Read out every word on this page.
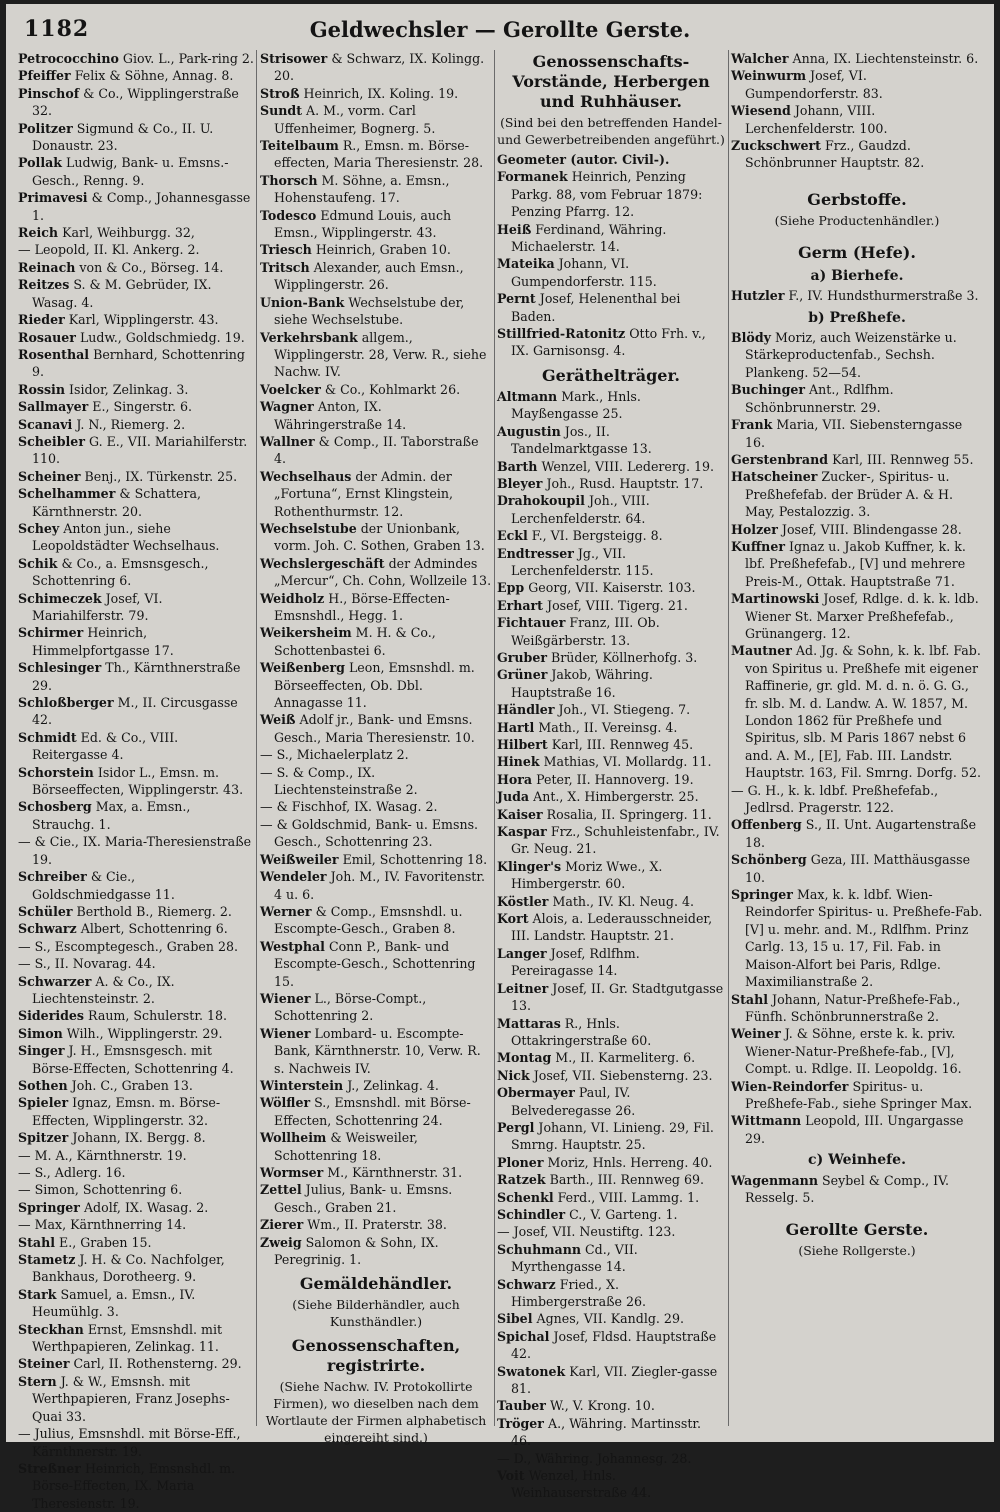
1182	Geldwechsler — Gerollte Gerste.

Petrococchino Giov. L., Park-ring 2.

Pfeiffer Felix & Söhne, Annag. 8.

Pinschof & Co., Wipplingerstraße 32.

Politzer Sigmund & Co., II. U. Donaustr. 23.

Pollak Ludwig, Bank- u. Emsns.-Gesch., Renng. 9.

Primavesi & Comp., Johannesgasse 1.

Reich Karl, Weihburgg. 32,

— Leopold, II. Kl. Ankerg. 2.

Reinach von & Co., Börseg. 14.

Reitzes S. & M. Gebrüder, IX. Wasag. 4.

Rieder Karl, Wipplingerstr. 43.

Rosauer Ludw., Goldschmiedg. 19.

Rosenthal Bernhard, Schottenring 9.

Rossin Isidor, Zelinkag. 3.

Sallmayer E., Singerstr. 6.

Scanavi J. N., Riemerg. 2.

Scheibler G. E., VII. Mariahilferstr. 110.

Scheiner Benj., IX. Türkenstr. 25.

Schelhammer & Schattera, Kärnthnerstr. 20.

Schey Anton jun., siehe Leopoldstädter Wechselhaus.

Schik & Co., a. Emsnsgesch., Schottenring 6.

Schimeczek Josef, VI. Mariahilferstr. 79.

Schirmer Heinrich, Himmelpfortgasse 17.

Schlesinger Th., Kärnthnerstraße 29.

Schloßberger M., II. Circusgasse 42.

Schmidt Ed. & Co., VIII. Reitergasse 4.

Schorstein Isidor L., Emsn. m. Börseeffecten, Wipplingerstr. 43.

Schosberg Max, a. Emsn., Strauchg. 1.

— & Cie., IX. Maria-Theresienstraße 19.

Schreiber & Cie., Goldschmiedgasse 11.

Schüler Berthold B., Riemerg. 2.

Schwarz Albert, Schottenring 6.

— S., Escomptegesch., Graben 28.

— S., II. Novarag. 44.

Schwarzer A. & Co., IX. Liechtensteinstr. 2.

Siderides Raum, Schulerstr. 18.

Simon Wilh., Wipplingerstr. 29.

Singer J. H., Emsnsgesch. mit Börse-Effecten, Schottenring 4.

Sothen Joh. C., Graben 13.

Spieler Ignaz, Emsn. m. Börse-Effecten, Wipplingerstr. 32.

Spitzer Johann, IX. Bergg. 8.

— M. A., Kärnthnerstr. 19.

— S., Adlerg. 16.

— Simon, Schottenring 6.

Springer Adolf, IX. Wasag. 2.

— Max, Kärnthnerring 14.

Stahl E., Graben 15.

Stametz J. H. & Co. Nachfolger, Bankhaus, Dorotheerg. 9.

Stark Samuel, a. Emsn., IV. Heumühlg. 3.

Steckhan Ernst, Emsnshdl. mit Werthpapieren, Zelinkag. 11.

Steiner Carl, II. Rothensterng. 29.

Stern J. & W., Emsnsh. mit Werthpapieren, Franz Josephs-Quai 33.

— Julius, Emsnshdl. mit Börse-Eff., Kärnthnerstr. 19.

Streßner Heinrich, Emsnshdl. m. Börse-Effecten, IX. Maria Theresienstr. 19.

Strisower & Schwarz, IX. Kolingg. 20.

Stroß Heinrich, IX. Koling. 19.

Sundt A. M., vorm. Carl Uffenheimer, Bognerg. 5.

Teitelbaum R., Emsn. m. Börse-effecten, Maria Theresienstr. 28.

Thorsch M. Söhne, a. Emsn., Hohenstaufeng. 17.

Todesco Edmund Louis, auch Emsn., Wipplingerstr. 43.

Triesch Heinrich, Graben 10.

Tritsch Alexander, auch Emsn., Wipplingerstr. 26.

Union-Bank Wechselstube der, siehe Wechselstube.

Verkehrsbank allgem., Wipplingerstr. 28, Verw. R., siehe Nachw. IV.

Voelcker & Co., Kohlmarkt 26.

Wagner Anton, IX. Währingerstraße 14.

Wallner & Comp., II. Taborstraße 4.

Wechselhaus der Admin. der „Fortuna“, Ernst Klingstein, Rothenthurmstr. 12.

Wechselstube der Unionbank, vorm. Joh. C. Sothen, Graben 13.

Wechslergeschäft der Admindes „Mercur“, Ch. Cohn, Wollzeile 13.

Weidholz H., Börse-Effecten-Emsnshdl., Hegg. 1.

Weikersheim M. H. & Co., Schottenbastei 6.

Weißenberg Leon, Emsnshdl. m. Börseeffecten, Ob. Dbl. Annagasse 11.

Weiß Adolf jr., Bank- und Emsns. Gesch., Maria Theresienstr. 10.

— S., Michaelerplatz 2.

— S. & Comp., IX. Liechtensteinstraße 2.

— & Fischhof, IX. Wasag. 2.

— & Goldschmid, Bank- u. Emsns. Gesch., Schottenring 23.

Weißweiler Emil, Schottenring 18.

Wendeler Joh. M., IV. Favoritenstr. 4 u. 6.

Werner & Comp., Emsnshdl. u. Escompte-Gesch., Graben 8.

Westphal Conn P., Bank- und Escompte-Gesch., Schottenring 15.

Wiener L., Börse-Compt., Schottenring 2.

Wiener Lombard- u. Escompte-Bank, Kärnthnerstr. 10, Verw. R. s. Nachweis IV.

Winterstein J., Zelinkag. 4.

Wölfler S., Emsnshdl. mit Börse-Effecten, Schottenring 24.

Wollheim & Weisweiler, Schottenring 18.

Wormser M., Kärnthnerstr. 31.

Zettel Julius, Bank- u. Emsns. Gesch., Graben 21.

Zierer Wm., II. Praterstr. 38.

Zweig Salomon & Sohn, IX. Peregrinig. 1.

Gemäldehändler.
(Siehe Bilderhändler, auch Kunsthändler.)
Genossenschaften, registrirte.
(Siehe Nachw. IV. Protokollirte Firmen), wo dieselben nach dem Wortlaute der Firmen alphabetisch eingereiht sind.)
Genossenschafts-Vorstände, Herbergen und Ruhhäuser.
(Sind bei den betreffenden Handel- und Gewerbetreibenden angeführt.)

Geometer (autor. Civil-).

Formanek Heinrich, Penzing Parkg. 88, vom Februar 1879: Penzing Pfarrg. 12.

Heiß Ferdinand, Währing. Michaelerstr. 14.

Mateika Johann, VI. Gumpendorferstr. 115.

Pernt Josef, Helenenthal bei Baden.

Stillfried-Ratonitz Otto Frh. v., IX. Garnisonsg. 4.

Geräthelträger.

Altmann Mark., Hnls. Mayßengasse 25.

Augustin Jos., II. Tandelmarktgasse 13.

Barth Wenzel, VIII. Ledererg. 19.

Bleyer Joh., Rusd. Hauptstr. 17.

Drahokoupil Joh., VIII. Lerchenfelderstr. 64.

Eckl F., VI. Bergsteigg. 8.

Endtresser Jg., VII. Lerchenfelderstr. 115.

Epp Georg, VII. Kaiserstr. 103.

Erhart Josef, VIII. Tigerg. 21.

Fichtauer Franz, III. Ob. Weißgärberstr. 13.

Gruber Brüder, Köllnerhofg. 3.

Grüner Jakob, Währing. Hauptstraße 16.

Händler Joh., VI. Stiegeng. 7.

Hartl Math., II. Vereinsg. 4.

Hilbert Karl, III. Rennweg 45.

Hinek Mathias, VI. Mollardg. 11.

Hora Peter, II. Hannoverg. 19.

Juda Ant., X. Himbergerstr. 25.

Kaiser Rosalia, II. Springerg. 11.

Kaspar Frz., Schuhleistenfabr., IV. Gr. Neug. 21.

Klinger's Moriz Wwe., X. Himbergerstr. 60.

Köstler Math., IV. Kl. Neug. 4.

Kort Alois, a. Lederausschneider, III. Landstr. Hauptstr. 21.

Langer Josef, Rdlfhm. Pereiragasse 14.

Leitner Josef, II. Gr. Stadtgutgasse 13.

Mattaras R., Hnls. Ottakringerstraße 60.

Montag M., II. Karmeliterg. 6.

Nick Josef, VII. Siebensterng. 23.

Obermayer Paul, IV. Belvederegasse 26.

Pergl Johann, VI. Linieng. 29, Fil. Smrng. Hauptstr. 25.

Ploner Moriz, Hnls. Herreng. 40.

Ratzek Barth., III. Rennweg 69.

Schenkl Ferd., VIII. Lammg. 1.

Schindler C., V. Garteng. 1.

— Josef, VII. Neustiftg. 123.

Schuhmann Cd., VII. Myrthengasse 14.

Schwarz Fried., X. Himbergerstraße 26.

Sibel Agnes, VII. Kandlg. 29.

Spichal Josef, Fldsd. Hauptstraße 42.

Swatonek Karl, VII. Ziegler-gasse 81.

Tauber W., V. Krong. 10.

Tröger A., Währing. Martinsstr. 46.

— D., Währing. Johannesg. 28.

Voit Wenzel, Hnls. Weinhauserstraße 44.

Walcher Anna, IX. Liechtensteinstr. 6.

Weinwurm Josef, VI. Gumpendorferstr. 83.

Wiesend Johann, VIII. Lerchenfelderstr. 100.

Zuckschwert Frz., Gaudzd. Schönbrunner Hauptstr. 82.

Gerbstoffe.
(Siehe Productenhändler.)
Germ (Hefe).
a) Bierhefe.

Hutzler F., IV. Hundsthurmerstraße 3.

b) Preßhefe.

Blödy Moriz, auch Weizenstärke u. Stärkeproductenfab., Sechsh. Plankeng. 52—54.

Buchinger Ant., Rdlfhm. Schönbrunnerstr. 29.

Frank Maria, VII. Siebensterngasse 16.

Gerstenbrand Karl, III. Rennweg 55.

Hatscheiner Zucker-, Spiritus- u. Preßhefefab. der Brüder A. & H. May, Pestalozzig. 3.

Holzer Josef, VIII. Blindengasse 28.

Kuffner Ignaz u. Jakob Kuffner, k. k. lbf. Preßhefefab., [V] und mehrere Preis-M., Ottak. Hauptstraße 71.

Martinowski Josef, Rdlge. d. k. k. ldb. Wiener St. Marxer Preßhefefab., Grünangerg. 12.

Mautner Ad. Jg. & Sohn, k. k. lbf. Fab. von Spiritus u. Preßhefe mit eigener Raffinerie, gr. gld. M. d. n. ö. G. G., fr. slb. M. d. Landw. A. W. 1857, M. London 1862 für Preßhefe und Spiritus, slb. M Paris 1867 nebst 6 and. A. M., [E], Fab. III. Landstr. Hauptstr. 163, Fil. Smrng. Dorfg. 52.

— G. H., k. k. ldbf. Preßhefefab., Jedlrsd. Pragerstr. 122.

Offenberg S., II. Unt. Augartenstraße 18.

Schönberg Geza, III. Matthäusgasse 10.

Springer Max, k. k. ldbf. Wien-Reindorfer Spiritus- u. Preßhefe-Fab. [V] u. mehr. and. M., Rdlfhm. Prinz Carlg. 13, 15 u. 17, Fil. Fab. in Maison-Alfort bei Paris, Rdlge. Maximilianstraße 2.

Stahl Johann, Natur-Preßhefe-Fab., Fünfh. Schönbrunnerstraße 2.

Weiner J. & Söhne, erste k. k. priv. Wiener-Natur-Preßhefe-fab., [V], Compt. u. Rdlge. II. Leopoldg. 16.

Wien-Reindorfer Spiritus- u. Preßhefe-Fab., siehe Springer Max.

Wittmann Leopold, III. Ungargasse 29.

c) Weinhefe.

Wagenmann Seybel & Comp., IV. Resselg. 5.

Gerollte Gerste.
(Siehe Rollgerste.)
